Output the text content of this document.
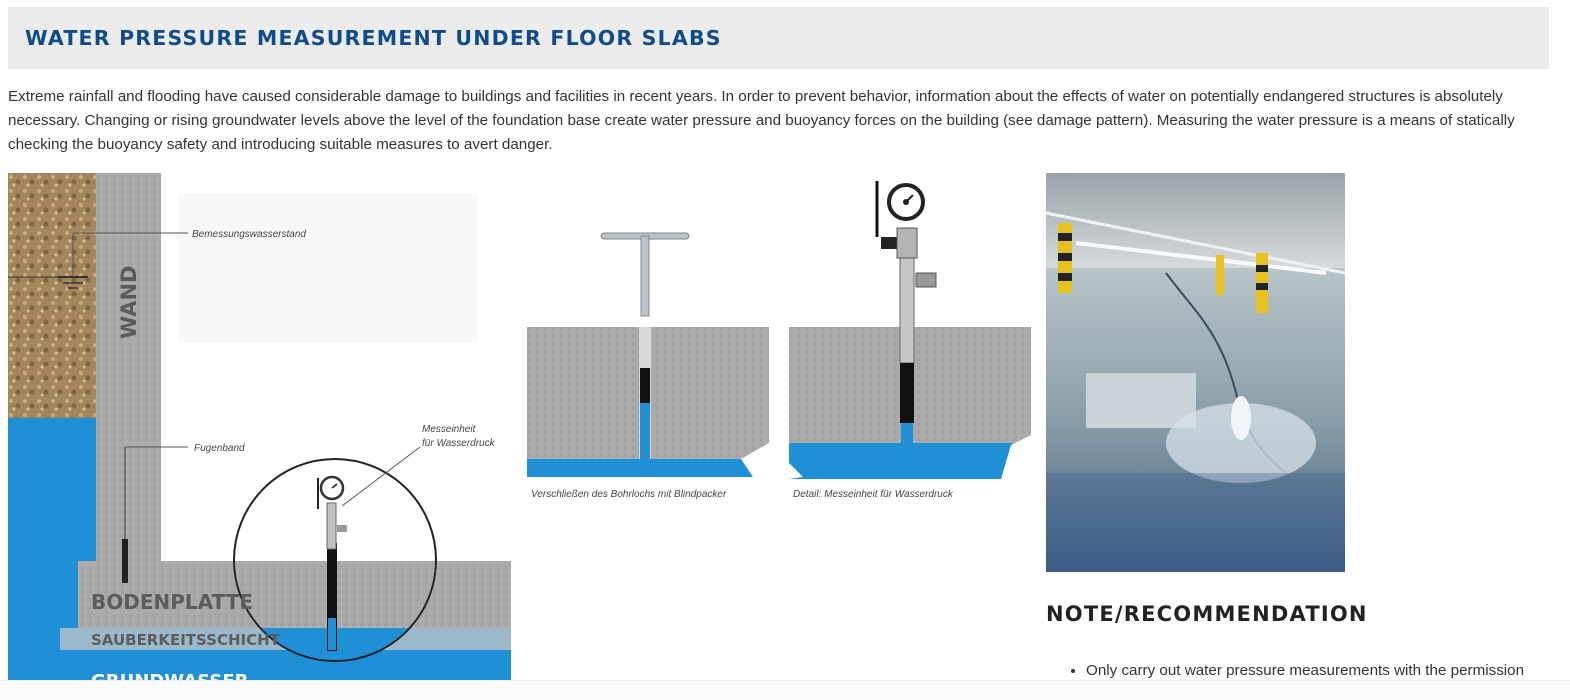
WATER PRESSURE MEASUREMENT UNDER FLOOR SLABS

Extreme rainfall and flooding have caused considerable damage to buildings and facilities in recent years. In order to prevent behavior, information about the effects of water on potentially endangered structures is absolutely necessary. Changing or rising groundwater levels above the level of the foundation base create water pressure and buoyancy forces on the building (see damage pattern). Measuring the water pressure is a means of statically checking the buoyancy safety and introducing suitable measures to avert danger.

Bemessungswasserstand
Fugenband
Messeinheit
für Wasserdruck
WAND
BODENPLATTE
SAUBERKEITSSCHICHT
Verschließen des Bohrlochs mit Blindpacker	Detail: Messeinheit für Wasserdruck
NOTE/RECOMMENDATION
• Only carry out water pressure measurements with the permission
